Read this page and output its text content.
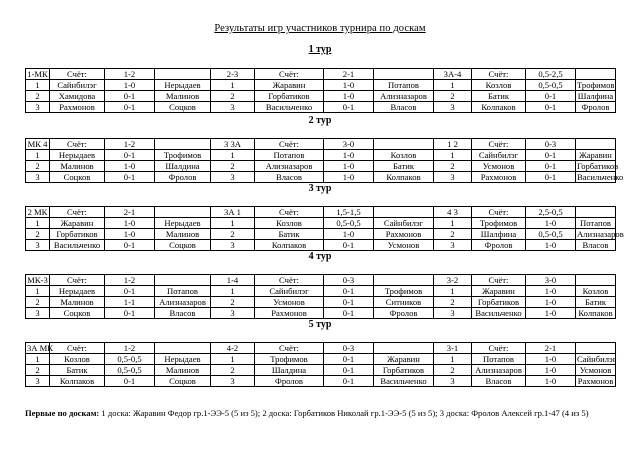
Результаты игр участников турнира по доскам
1 тур
1-МК	Счёт:	1-2		2-3	Счёт:	2-1		3А-4	Счёт:	0,5-2,5	
1	Сайнбилэг	1-0	Нерыдаев	1	Жаравин	1-0	Потапов	1	Козлов	0,5-0,5	Трофимов
2	Хамидова	0-1	Малинов	2	Горбатиков	1-0	Ализназаров	2	Батик	0-1	Шалфина
3	Рахмонов	0-1	Соцков	3	Васильченко	0-1	Власов	3	Колпаков	0-1	Фролов
2 тур
МК 4	Счёт:	1-2		3 3А	Счёт:	3-0		1 2	Счёт:	0-3	
1	Нерыдаев	0-1	Трофимов	1	Потапов	1-0	Козлов	1	Сайнбилэг	0-1	Жаравин
2	Малинов	1-0	Шалдина	2	Ализназаров	1-0	Батик	2	Усмонов	0-1	Горбатиков
3	Соцков	0-1	Фролов	3	Власов	1-0	Колпаков	3	Рахмонов	0-1	Васильченко
3 тур
2 МК	Счёт:	2-1		3А 1	Счёт:	1,5-1,5		4 3	Счёт:	2,5-0,5	
1	Жаравин	1-0	Нерыдаев	1	Козлов	0,5-0,5	Сайнбилэг	1	Трофимов	1-0	Потапов
2	Горбатиков	1-0	Малинов	2	Батик	1-0	Рахмонов	2	Шалфина	0,5-0,5	Ализназаров
3	Васильченко	0-1	Соцков	3	Колпаков	0-1	Усмонов	3	Фролов	1-0	Власов
4 тур
МК-3	Счёт:	1-2		1-4	Счёт:	0-3		3-2	Счёт:	3-0	
1	Нерыдаев	0-1	Потапов	1	Сайнбилэг	0-1	Трофимов	1	Жаравин	1-0	Козлов
2	Малинов	1-1	Ализназаров	2	Усмонов	0-1	Ситников	2	Горбатиков	1-0	Батик
3	Соцков	0-1	Власов	3	Рахмонов	0-1	Фролов	3	Васильченко	1-0	Колпаков
5 тур
3А МК	Счёт:	1-2		4-2	Счёт:	0-3		3-1	Счёт:	2-1	
1	Козлов	0,5-0,5	Нерыдаев	1	Трофимов	0-1	Жаравин	1	Потапов	1-0	Сайнбилэг
2	Батик	0,5-0,5	Малинов	2	Шалдина	0-1	Горбатиков	2	Ализназаров	1-0	Усмонов
3	Колпаков	0-1	Соцков	3	Фролов	0-1	Васильченко	3	Власов	1-0	Рахмонов
Первые по доскам: 1 доска: Жаравин Федор гр.1-ЭЭ-5 (5 из 5); 2 доска: Горбатиков Николай гр.1-ЭЭ-5 (5 из 5); 3 доска: Фролов Алексей гр.1-47 (4 из 5)
